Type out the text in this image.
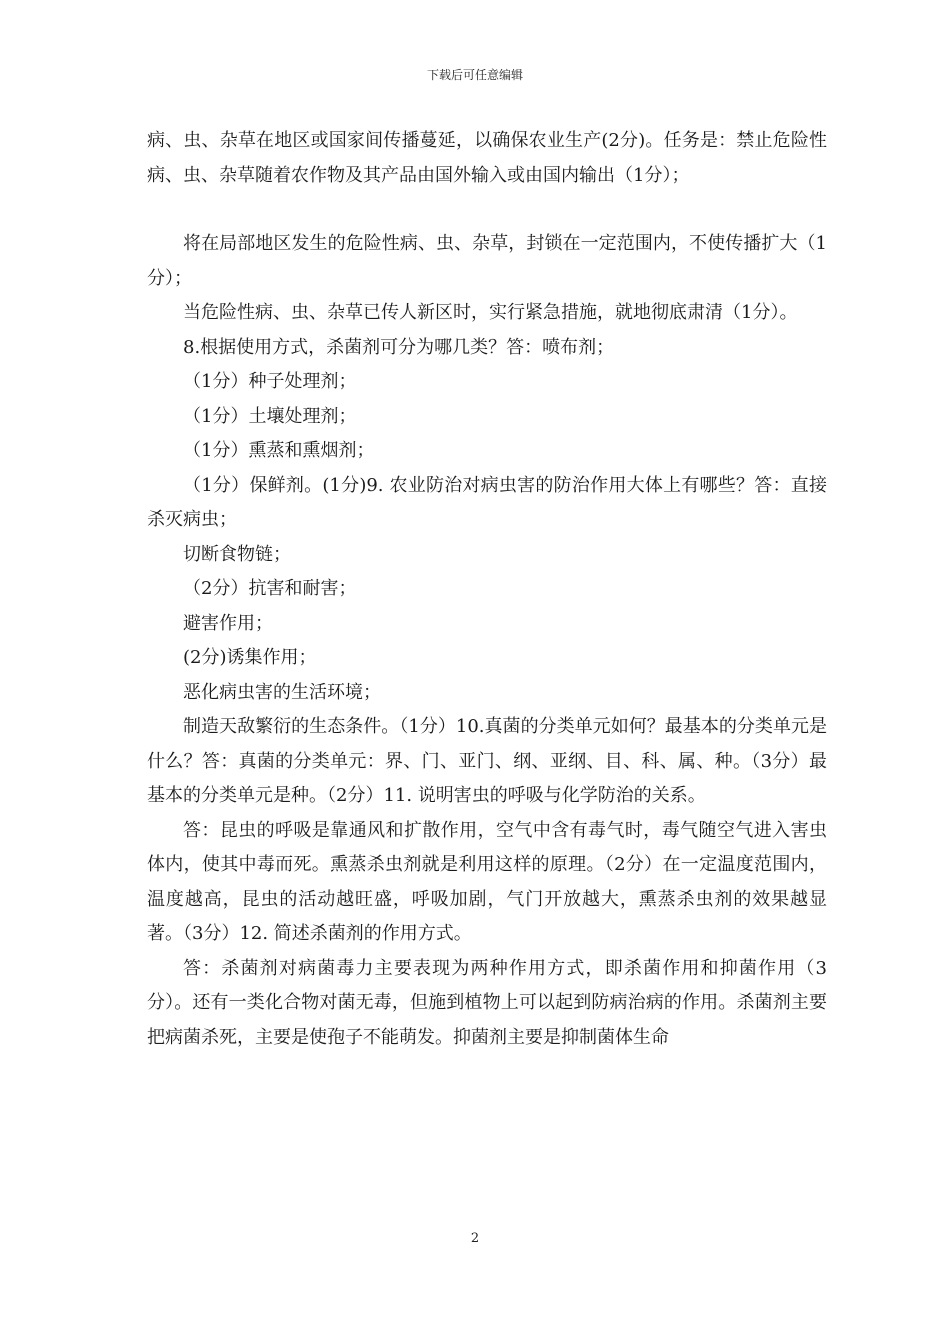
下载后可任意编辑

病、虫、杂草在地区或国家间传播蔓延，以确保农业生产(2分)。任务是：禁止危险性病、虫、杂草随着农作物及其产品由国外输入或由国内输出（1分）；

将在局部地区发生的危险性病、虫、杂草，封锁在一定范围内，不使传播扩大（1分）；

当危险性病、虫、杂草已传人新区时，实行紧急措施，就地彻底肃清（1分）。

8.根据使用方式，杀菌剂可分为哪几类？答：喷布剂；

（1分）种子处理剂；

（1分）土壤处理剂；

（1分）熏蒸和熏烟剂；

（1分）保鲜剂。(1分)9. 农业防治对病虫害的防治作用大体上有哪些？答：直接杀灭病虫；

切断食物链；

（2分）抗害和耐害；

避害作用；

(2分)诱集作用；

恶化病虫害的生活环境；

制造天敌繁衍的生态条件。（1分）10.真菌的分类单元如何？最基本的分类单元是什么？答：真菌的分类单元：界、门、亚门、纲、亚纲、目、科、属、种。（3分）最基本的分类单元是种。（2分）11. 说明害虫的呼吸与化学防治的关系。

答：昆虫的呼吸是靠通风和扩散作用，空气中含有毒气时，毒气随空气进入害虫体内，使其中毒而死。熏蒸杀虫剂就是利用这样的原理。（2分）在一定温度范围内，温度越高，昆虫的活动越旺盛，呼吸加剧，气门开放越大，熏蒸杀虫剂的效果越显著。（3分）12. 简述杀菌剂的作用方式。

答：杀菌剂对病菌毒力主要表现为两种作用方式，即杀菌作用和抑菌作用（3分）。还有一类化合物对菌无毒，但施到植物上可以起到防病治病的作用。杀菌剂主要把病菌杀死，主要是使孢子不能萌发。抑菌剂主要是抑制菌体生命

2
